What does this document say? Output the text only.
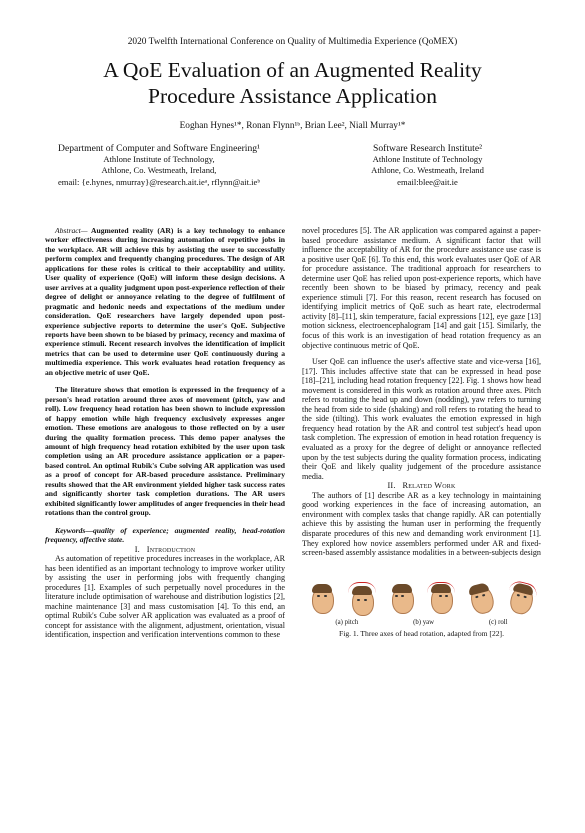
2020 Twelfth International Conference on Quality of Multimedia Experience (QoMEX)
A QoE Evaluation of an Augmented Reality
Procedure Assistance Application
Eoghan Hynes¹*, Ronan Flynn¹ᵇ, Brian Lee², Niall Murray¹*
Department of Computer and Software Engineering¹
Athlone Institute of Technology,
Athlone, Co. Westmeath, Ireland,
email: {e.hynes, nmurray}@research.ait.ieᵃ, rflynn@ait.ieᵇ
Software Research Institute²
Athlone Institute of Technology
Athlone, Co. Westmeath, Ireland
email:blee@ait.ie

Abstract— Augmented reality (AR) is a key technology to enhance worker effectiveness during increasing automation of repetitive jobs in the workplace. AR will achieve this by assisting the user to successfully perform complex and frequently changing procedures. The design of AR applications for these roles is critical to their acceptability and utility. User quality of experience (QoE) will inform these design decisions. A user arrives at a quality judgment upon post-experience reflection of their degree of delight or annoyance relating to the degree of fulfilment of pragmatic and hedonic needs and expectations of the medium under consideration. QoE researchers have largely depended upon post-experience subjective reports to determine the user's QoE. Subjective reports have been shown to be biased by primacy, recency and maxima of experience stimuli. Recent research involves the identification of implicit metrics that can be used to determine user QoE continuously during a multimedia experience. This work evaluates head rotation frequency as an objective metric of user QoE.

The literature shows that emotion is expressed in the frequency of a person's head rotation around three axes of movement (pitch, yaw and roll). Low frequency head rotation has been shown to include expression of happy emotion while high frequency exclusively expresses anger emotion. These emotions are analogous to those reflected on by a user during the quality formation process. This demo paper analyses the amount of high frequency head rotation exhibited by the user upon task completion using an AR procedure assistance application or a paper-based control. An optimal Rubik's Cube solving AR application was used as a proof of concept for AR-based procedure assistance. Preliminary results showed that the AR environment yielded higher task success rates and significantly shorter task completion durations. The AR users exhibited significantly lower amplitudes of anger frequencies in their head rotations than the control group.

Keywords—quality of experience; augmented reality, head-rotation frequency, affective state.

I. Introduction

As automation of repetitive procedures increases in the workplace, AR has been identified as an important technology to improve worker utility by assisting the user in performing jobs with frequently changing procedures [1]. Examples of such perpetually novel procedures in the literature include optimisation of warehouse and distribution logistics [2], machine maintenance [3] and mass customisation [4]. To this end, an optimal Rubik's Cube solver AR application was evaluated as a proof of concept for assistance with the alignment, adjustment, orientation, visual identification, inspection and verification interventions common to these

novel procedures [5]. The AR application was compared against a paper-based procedure assistance medium. A significant factor that will influence the acceptability of AR for the procedure assistance use case is a positive user QoE [6]. To this end, this work evaluates user QoE of AR for procedure assistance. The traditional approach for researchers to determine user QoE has relied upon post-experience reports, which have recently been shown to be biased by primacy, recency and peak experience stimuli [7]. For this reason, recent research has focused on identifying implicit metrics of QoE such as heart rate, electrodermal activity [8]–[11], skin temperature, facial expressions [12], eye gaze [13] motion sickness, electroencephalogram [14] and gait [15]. Similarly, the focus of this work is an investigation of head rotation frequency as an objective continuous metric of QoE.

User QoE can influence the user's affective state and vice-versa [16], [17]. This includes affective state that can be expressed in head pose [18]–[21], including head rotation frequency [22]. Fig. 1 shows how head movement is considered in this work as rotation around three axes. Pitch refers to rotating the head up and down (nodding), yaw refers to turning the head from side to side (shaking) and roll refers to rotating the head to the side (tilting). This work evaluates the emotion expressed in high frequency head rotation by the AR and control test subject's head upon task completion. The expression of emotion in head rotation frequency is evaluated as a proxy for the degree of delight or annoyance reflected upon by the test subjects during the quality formation process, indicating their QoE and likely quality judgement of the procedure assistance media.

II. Related Work

The authors of [1] describe AR as a key technology in maintaining good working experiences in the face of increasing automation, an environment with complex tasks that change rapidly. AR can potentially achieve this by assisting the human user in performing the frequently disparate procedures of this new and demanding work environment [1]. They explored how novice assemblers performed under AR and fixed-screen-based assembly assistance modalities in a between-subjects design

(a) pitch	(b) yaw	(c) roll
Fig. 1. Three axes of head rotation, adapted from [22].
